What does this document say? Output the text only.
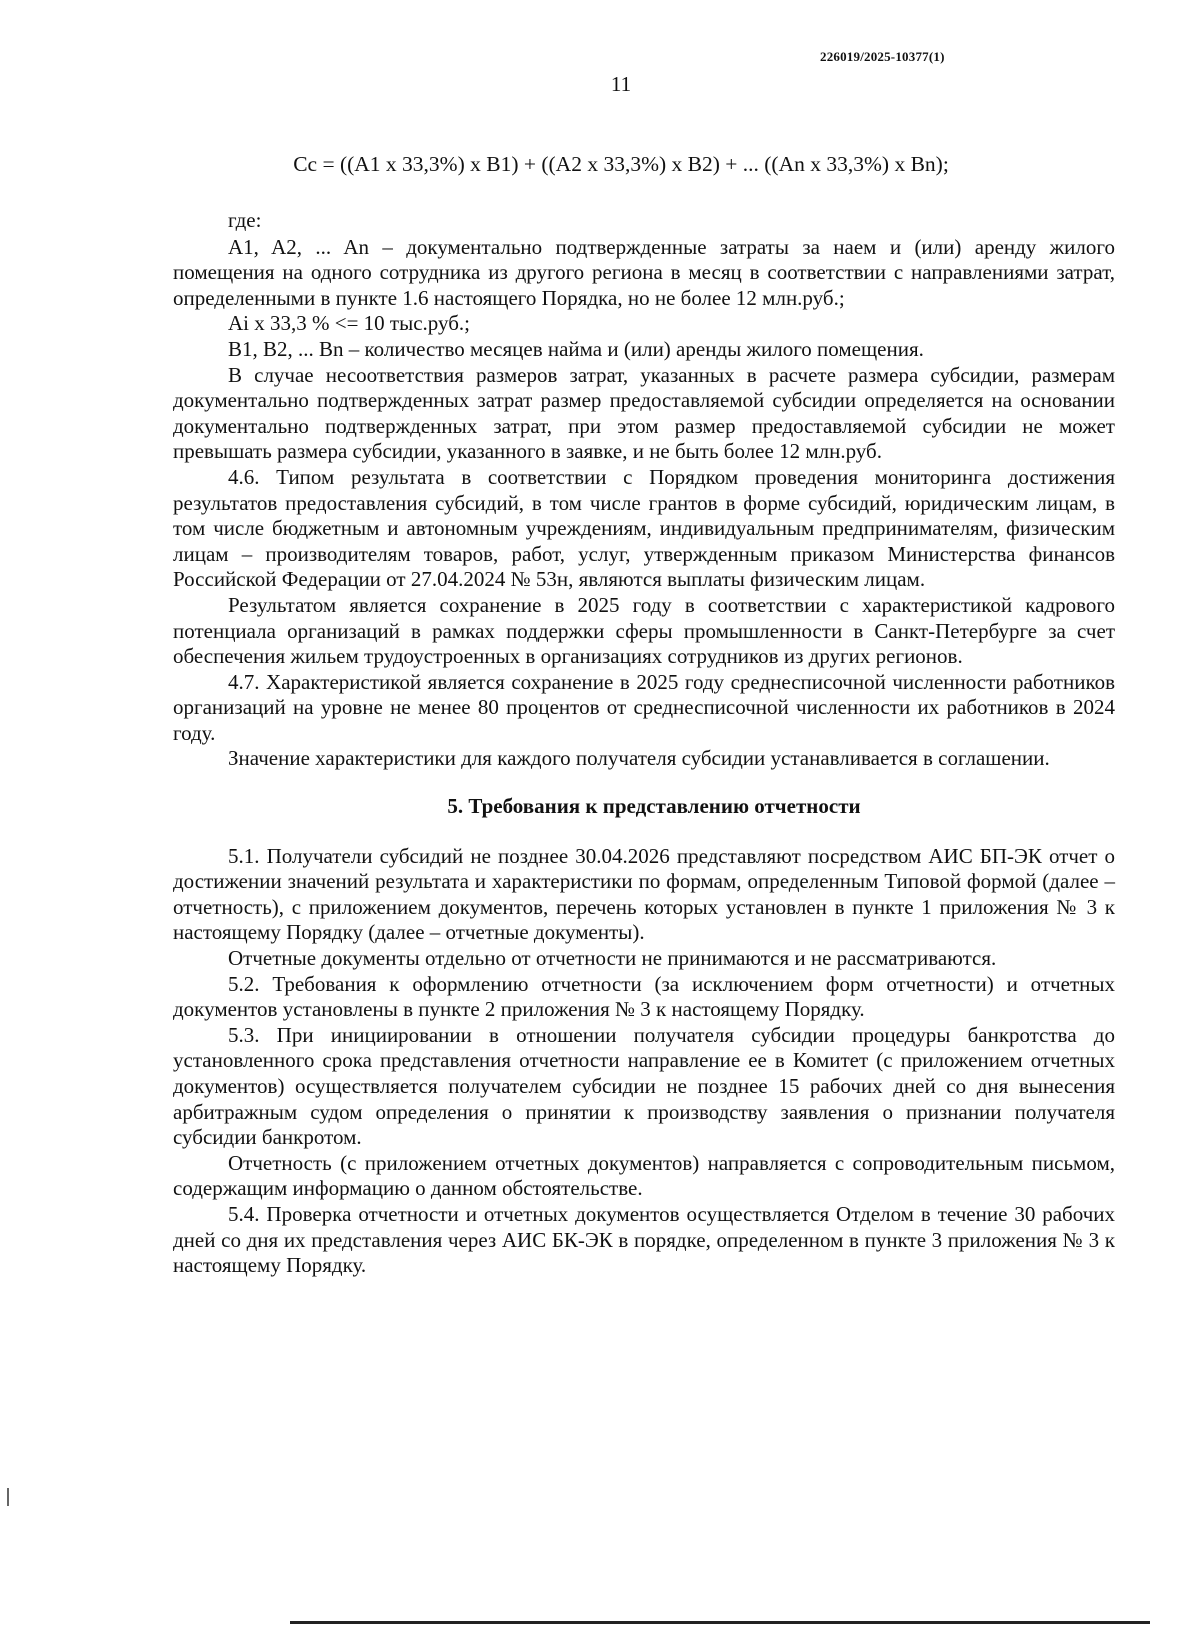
226019/2025-10377(1)
11
Cc = ((A1 x 33,3%) x B1) + ((A2 x 33,3%) x B2) + ... ((An x 33,3%) x Bn);

где:

A1, A2, ... An – документально подтвержденные затраты за наем и (или) аренду жилого помещения на одного сотрудника из другого региона в месяц в соответствии с направлениями затрат, определенными в пункте 1.6 настоящего Порядка, но не более 12 млн.руб.;

Ai x 33,3 % <= 10 тыс.руб.;

B1, B2, ... Bn – количество месяцев найма и (или) аренды жилого помещения.

В случае несоответствия размеров затрат, указанных в расчете размера субсидии, размерам документально подтвержденных затрат размер предоставляемой субсидии определяется на основании документально подтвержденных затрат, при этом размер предоставляемой субсидии не может превышать размера субсидии, указанного в заявке, и не быть более 12 млн.руб.

4.6. Типом результата в соответствии с Порядком проведения мониторинга достижения результатов предоставления субсидий, в том числе грантов в форме субсидий, юридическим лицам, в том числе бюджетным и автономным учреждениям, индивидуальным предпринимателям, физическим лицам – производителям товаров, работ, услуг, утвержденным приказом Министерства финансов Российской Федерации от 27.04.2024 № 53н, являются выплаты физическим лицам.

Результатом является сохранение в 2025 году в соответствии с характеристикой кадрового потенциала организаций в рамках поддержки сферы промышленности в Санкт-Петербурге за счет обеспечения жильем трудоустроенных в организациях сотрудников из других регионов.

4.7. Характеристикой является сохранение в 2025 году среднесписочной численности работников организаций на уровне не менее 80 процентов от среднесписочной численности их работников в 2024 году.

Значение характеристики для каждого получателя субсидии устанавливается в соглашении.

5. Требования к представлению отчетности

5.1. Получатели субсидий не позднее 30.04.2026 представляют посредством АИС БП-ЭК отчет о достижении значений результата и характеристики по формам, определенным Типовой формой (далее – отчетность), с приложением документов, перечень которых установлен в пункте 1 приложения № 3 к настоящему Порядку (далее – отчетные документы).

Отчетные документы отдельно от отчетности не принимаются и не рассматриваются.

5.2. Требования к оформлению отчетности (за исключением форм отчетности) и отчетных документов установлены в пункте 2 приложения № 3 к настоящему Порядку.

5.3. При инициировании в отношении получателя субсидии процедуры банкротства до установленного срока представления отчетности направление ее в Комитет (с приложением отчетных документов) осуществляется получателем субсидии не позднее 15 рабочих дней со дня вынесения арбитражным судом определения о принятии к производству заявления о признании получателя субсидии банкротом.

Отчетность (с приложением отчетных документов) направляется с сопроводительным письмом, содержащим информацию о данном обстоятельстве.

5.4. Проверка отчетности и отчетных документов осуществляется Отделом в течение 30 рабочих дней со дня их представления через АИС БК-ЭК в порядке, определенном в пункте 3 приложения № 3 к настоящему Порядку.
